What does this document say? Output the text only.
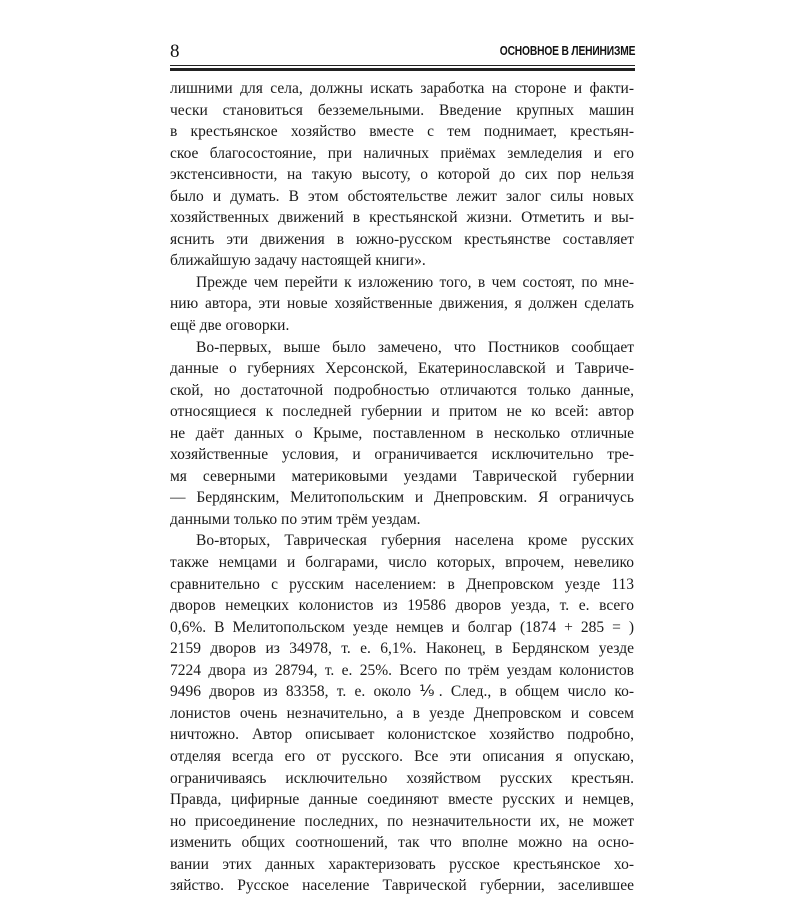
8	ОСНОВНОЕ В ЛЕНИНИЗМЕ
лишними для села, должны искать заработка на стороне и факти-
чески становиться безземельными. Введение крупных машин
в крестьянское хозяйство вместе с тем поднимает, крестьян-
ское благосостояние, при наличных приёмах земледелия и его
экстенсивности, на такую высоту, о которой до сих пор нельзя
было и думать. В этом обстоятельстве лежит залог силы новых
хозяйственных движений в крестьянской жизни. Отметить и вы-
яснить эти движения в южно-русском крестьянстве составляет
ближайшую задачу настоящей книги».
Прежде чем перейти к изложению того, в чем состоят, по мне-
нию автора, эти новые хозяйственные движения, я должен сделать
ещё две оговорки.
Во-первых, выше было замечено, что Постников сообщает
данные о губерниях Херсонской, Екатеринославской и Тавриче-
ской, но достаточной подробностью отличаются только данные,
относящиеся к последней губернии и притом не ко всей: автор
не даёт данных о Крыме, поставленном в несколько отличные
хозяйственные условия, и ограничивается исключительно тре-
мя северными материковыми уездами Таврической губернии
— Бердянским, Мелитопольским и Днепровским. Я ограничусь
данными только по этим трём уездам.
Во-вторых, Таврическая губерния населена кроме русских
также немцами и болгарами, число которых, впрочем, невелико
сравнительно с русским населением: в Днепровском уезде 113
дворов немецких колонистов из 19586 дворов уезда, т. е. всего
0,6%. В Мелитопольском уезде немцев и болгар (1874 + 285 = )
2159 дворов из 34978, т. е. 6,1%. Наконец, в Бердянском уезде
7224 двора из 28794, т. е. 25%. Всего по трём уездам колонистов
9496 дворов из 83358, т. е. около ⅑. След., в общем число ко-
лонистов очень незначительно, а в уезде Днепровском и совсем
ничтожно. Автор описывает колонистское хозяйство подробно,
отделяя всегда его от русского. Все эти описания я опускаю,
ограничиваясь исключительно хозяйством русских крестьян.
Правда, цифирные данные соединяют вместе русских и немцев,
но присоединение последних, по незначительности их, не может
изменить общих соотношений, так что вполне можно на осно-
вании этих данных характеризовать русское крестьянское хо-
зяйство. Русское население Таврической губернии, заселившее
